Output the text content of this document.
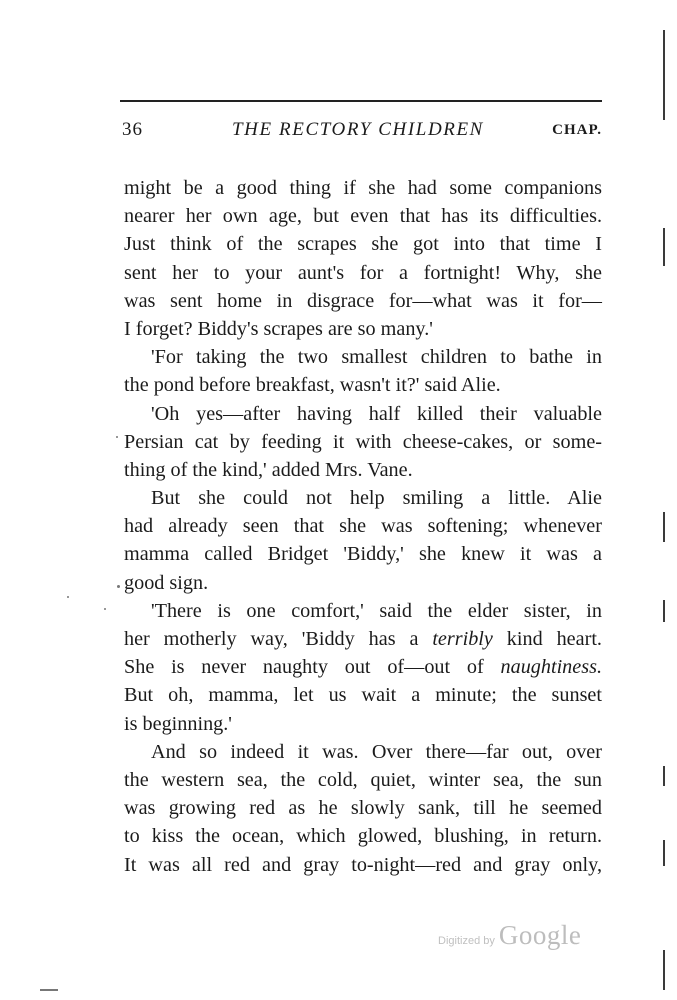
36	THE RECTORY CHILDREN	CHAP.
might be a good thing if she had some companions
nearer her own age, but even that has its difficulties.
Just think of the scrapes she got into that time I
sent her to your aunt's for a fortnight! Why, she
was sent home in disgrace for—what was it for—
I forget? Biddy's scrapes are so many.'
'For taking the two smallest children to bathe in
the pond before breakfast, wasn't it?' said Alie.
'Oh yes—after having half killed their valuable
Persian cat by feeding it with cheese-cakes, or some-
thing of the kind,' added Mrs. Vane.
But she could not help smiling a little. Alie
had already seen that she was softening; whenever
mamma called Bridget 'Biddy,' she knew it was a
good sign.
'There is one comfort,' said the elder sister, in
her motherly way, 'Biddy has a terribly kind heart.
She is never naughty out of—out of naughtiness.
But oh, mamma, let us wait a minute; the sunset
is beginning.'
And so indeed it was. Over there—far out, over
the western sea, the cold, quiet, winter sea, the sun
was growing red as he slowly sank, till he seemed
to kiss the ocean, which glowed, blushing, in return.
It was all red and gray to-night—red and gray only,
Digitized by Google
